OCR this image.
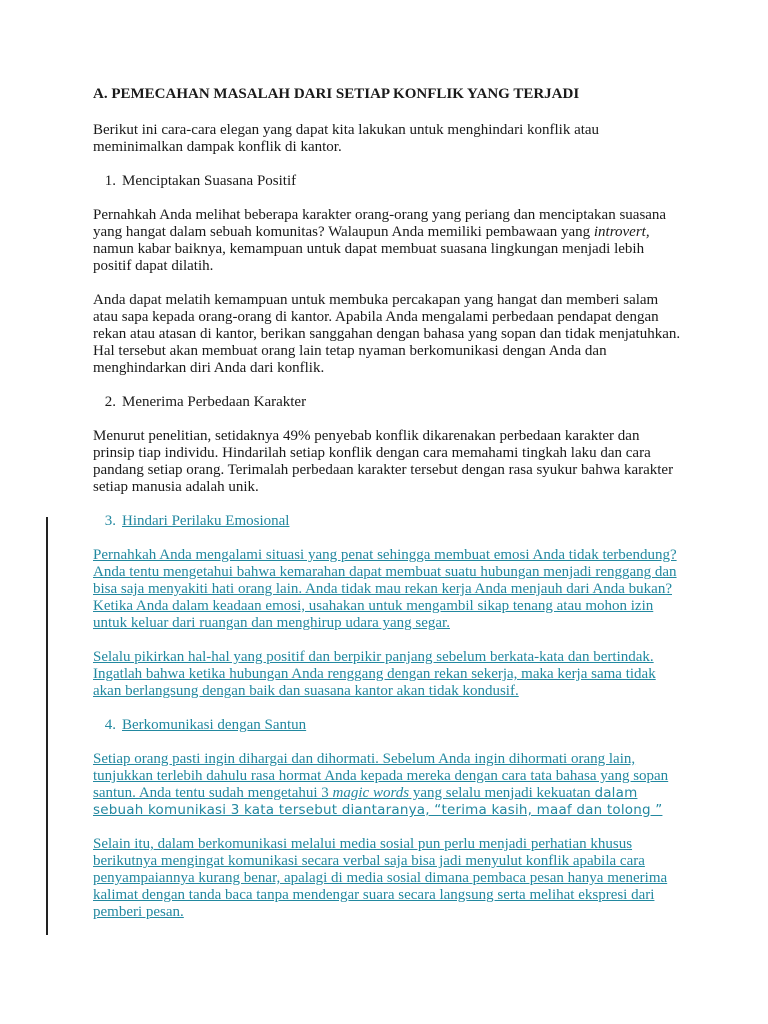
A. PEMECAHAN MASALAH DARI SETIAP KONFLIK YANG TERJADI

Berikut ini cara-cara elegan yang dapat kita lakukan untuk menghindari konflik atau meminimalkan dampak konflik di kantor.

1. Menciptakan Suasana Positif

Pernahkah Anda melihat beberapa karakter orang-orang yang periang dan menciptakan suasana yang hangat dalam sebuah komunitas? Walaupun Anda memiliki pembawaan yang introvert, namun kabar baiknya, kemampuan untuk dapat membuat suasana lingkungan menjadi lebih positif dapat dilatih.

Anda dapat melatih kemampuan untuk membuka percakapan yang hangat dan memberi salam atau sapa kepada orang-orang di kantor. Apabila Anda mengalami perbedaan pendapat dengan rekan atau atasan di kantor, berikan sanggahan dengan bahasa yang sopan dan tidak menjatuhkan. Hal tersebut akan membuat orang lain tetap nyaman berkomunikasi dengan Anda dan menghindarkan diri Anda dari konflik.

2. Menerima Perbedaan Karakter

Menurut penelitian, setidaknya 49% penyebab konflik dikarenakan perbedaan karakter dan prinsip tiap individu. Hindarilah setiap konflik dengan cara memahami tingkah laku dan cara pandang setiap orang. Terimalah perbedaan karakter tersebut dengan rasa syukur bahwa karakter setiap manusia adalah unik.

3. Hindari Perilaku Emosional

Pernahkah Anda mengalami situasi yang penat sehingga membuat emosi Anda tidak terbendung? Anda tentu mengetahui bahwa kemarahan dapat membuat suatu hubungan menjadi renggang dan bisa saja menyakiti hati orang lain. Anda tidak mau rekan kerja Anda menjauh dari Anda bukan? Ketika Anda dalam keadaan emosi, usahakan untuk mengambil sikap tenang atau mohon izin untuk keluar dari ruangan dan menghirup udara yang segar.

Selalu pikirkan hal-hal yang positif dan berpikir panjang sebelum berkata-kata dan bertindak. Ingatlah bahwa ketika hubungan Anda renggang dengan rekan sekerja, maka kerja sama tidak akan berlangsung dengan baik dan suasana kantor akan tidak kondusif.

4. Berkomunikasi dengan Santun

Setiap orang pasti ingin dihargai dan dihormati. Sebelum Anda ingin dihormati orang lain, tunjukkan terlebih dahulu rasa hormat Anda kepada mereka dengan cara tata bahasa yang sopan santun. Anda tentu sudah mengetahui 3 magic words yang selalu menjadi kekuatan dalam sebuah komunikasi 3 kata tersebut diantaranya, “terima kasih, maaf dan tolong ”

Selain itu, dalam berkomunikasi melalui media sosial pun perlu menjadi perhatian khusus berikutnya mengingat komunikasi secara verbal saja bisa jadi menyulut konflik apabila cara penyampaiannya kurang benar, apalagi di media sosial dimana pembaca pesan hanya menerima kalimat dengan tanda baca tanpa mendengar suara secara langsung serta melihat ekspresi dari pemberi pesan.
